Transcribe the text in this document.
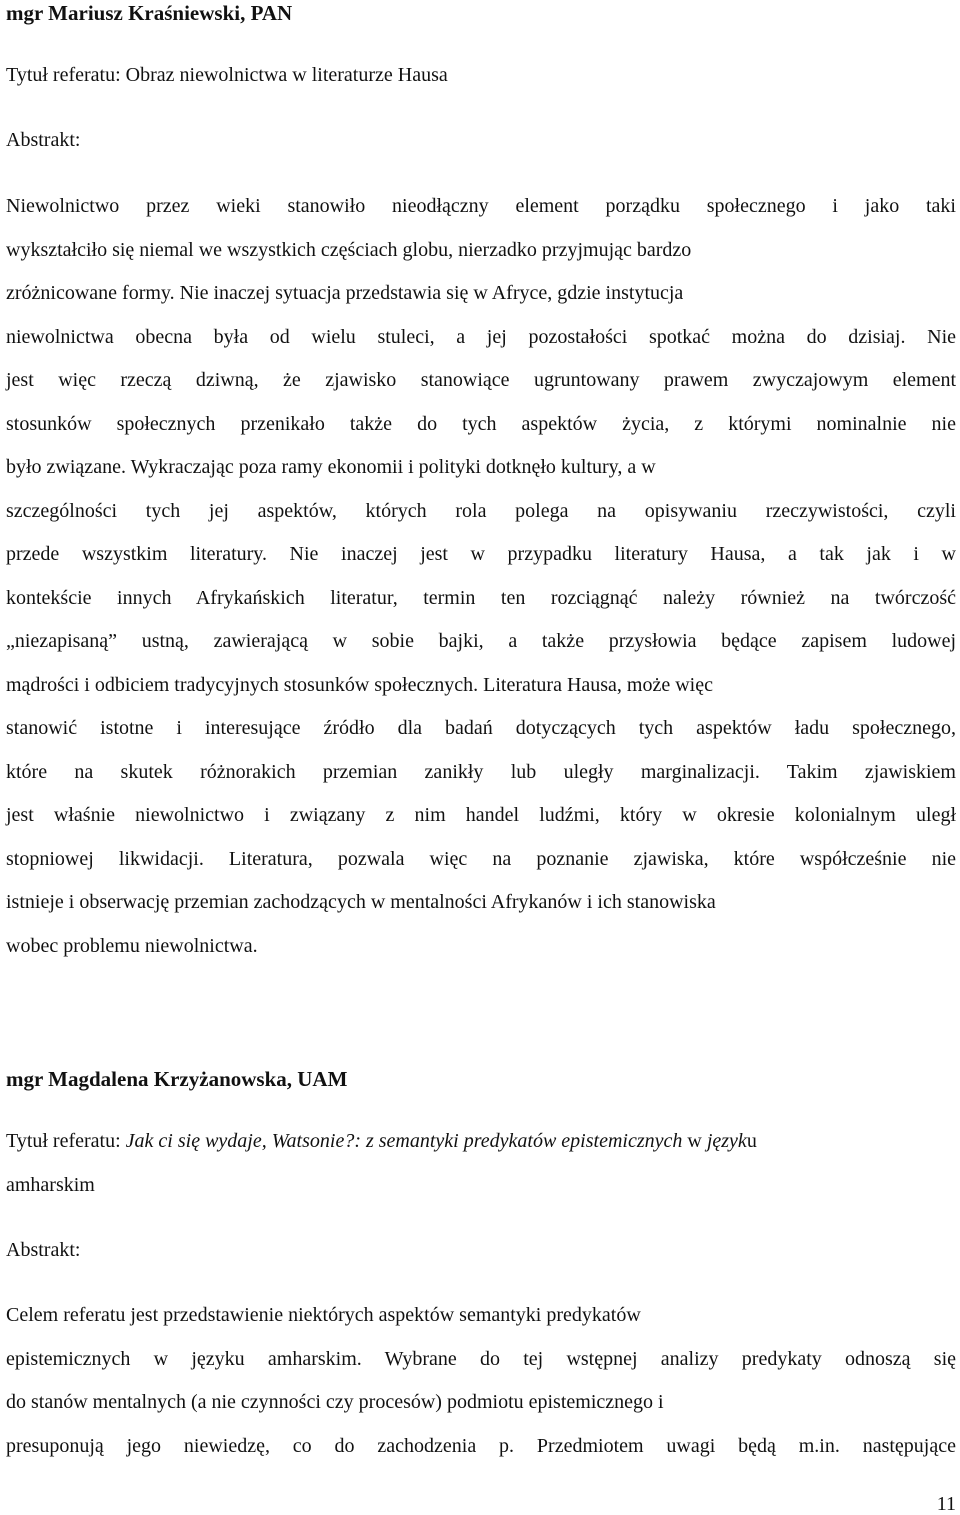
mgr Mariusz Kraśniewski, PAN

Tytuł referatu: Obraz niewolnictwa w literaturze Hausa

Abstrakt:

Niewolnictwo przez wieki stanowiło nieodłączny element porządku społecznego i jako taki
wykształciło się niemal we wszystkich częściach globu, nierzadko przyjmując bardzo
zróżnicowane formy. Nie inaczej sytuacja przedstawia się w Afryce, gdzie instytucja
niewolnictwa obecna była od wielu stuleci, a jej pozostałości spotkać można do dzisiaj. Nie
jest więc rzeczą dziwną, że zjawisko stanowiące ugruntowany prawem zwyczajowym element
stosunków społecznych przenikało także do tych aspektów życia, z którymi nominalnie nie
było związane. Wykraczając poza ramy ekonomii i polityki dotknęło kultury, a w
szczególności tych jej aspektów, których rola polega na opisywaniu rzeczywistości, czyli
przede wszystkim literatury. Nie inaczej jest w przypadku literatury Hausa, a tak jak i w
kontekście innych Afrykańskich literatur, termin ten rozciągnąć należy również na twórczość
„niezapisaną” ustną, zawierającą w sobie bajki, a także przysłowia będące zapisem ludowej
mądrości i odbiciem tradycyjnych stosunków społecznych. Literatura Hausa, może więc
stanowić istotne i interesujące źródło dla badań dotyczących tych aspektów ładu społecznego,
które na skutek różnorakich przemian zanikły lub uległy marginalizacji. Takim zjawiskiem
jest właśnie niewolnictwo i związany z nim handel ludźmi, który w okresie kolonialnym uległ
stopniowej likwidacji. Literatura, pozwala więc na poznanie zjawiska, które współcześnie nie
istnieje i obserwację przemian zachodzących w mentalności Afrykanów i ich stanowiska
wobec problemu niewolnictwa.

mgr Magdalena Krzyżanowska, UAM

Tytuł referatu: Jak ci się wydaje, Watsonie?: z semantyki predykatów epistemicznych w języku

amharskim

Abstrakt:

Celem referatu jest przedstawienie niektórych aspektów semantyki predykatów
epistemicznych w języku amharskim. Wybrane do tej wstępnej analizy predykaty odnoszą się
do stanów mentalnych (a nie czynności czy procesów) podmiotu epistemicznego i
presuponują jego niewiedzę, co do zachodzenia p. Przedmiotem uwagi będą m.in. następujące
11
